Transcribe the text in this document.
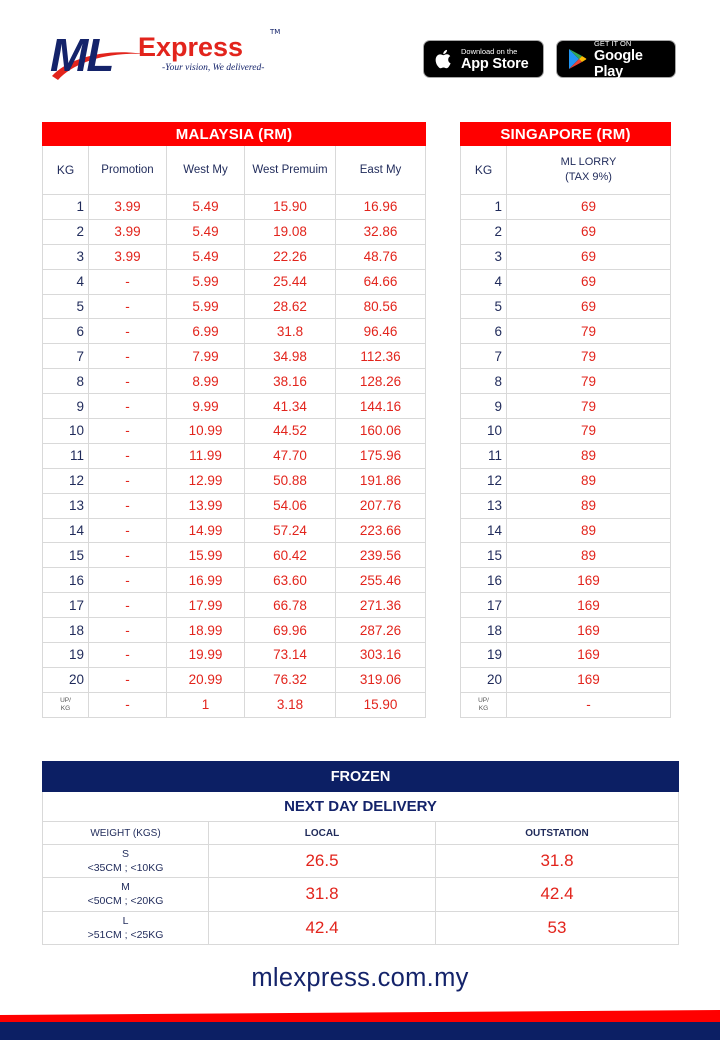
ML Express	TM
-Your vision, We delivered-
Download on the
App Store
GET IT ON
Google Play
MALAYSIA (RM)				
KG	Promotion	West My	West Premuim	East My
1	3.99	5.49	15.90	16.96
2	3.99	5.49	19.08	32.86
3	3.99	5.49	22.26	48.76
4	-	5.99	25.44	64.66
5	-	5.99	28.62	80.56
6	-	6.99	31.8	96.46
7	-	7.99	34.98	112.36
8	-	8.99	38.16	128.26
9	-	9.99	41.34	144.16
10	-	10.99	44.52	160.06
11	-	11.99	47.70	175.96
12	-	12.99	50.88	191.86
13	-	13.99	54.06	207.76
14	-	14.99	57.24	223.66
15	-	15.99	60.42	239.56
16	-	16.99	63.60	255.46
17	-	17.99	66.78	271.36
18	-	18.99	69.96	287.26
19	-	19.99	73.14	303.16
20	-	20.99	76.32	319.06
UP/
KG	-	1	3.18	15.90
SINGAPORE (RM)	
KG	ML LORRY
(TAX 9%)
1	69
2	69
3	69
4	69
5	69
6	79
7	79
8	79
9	79
10	79
11	89
12	89
13	89
14	89
15	89
16	169
17	169
18	169
19	169
20	169
UP/
KG	-
FROZEN		
NEXT DAY DELIVERY		
WEIGHT (KGS)	LOCAL	OUTSTATION
S
<35CM ; <10KG	26.5	31.8
M
<50CM ; <20KG	31.8	42.4
L
>51CM ; <25KG	42.4	53
mlexpress.com.my
